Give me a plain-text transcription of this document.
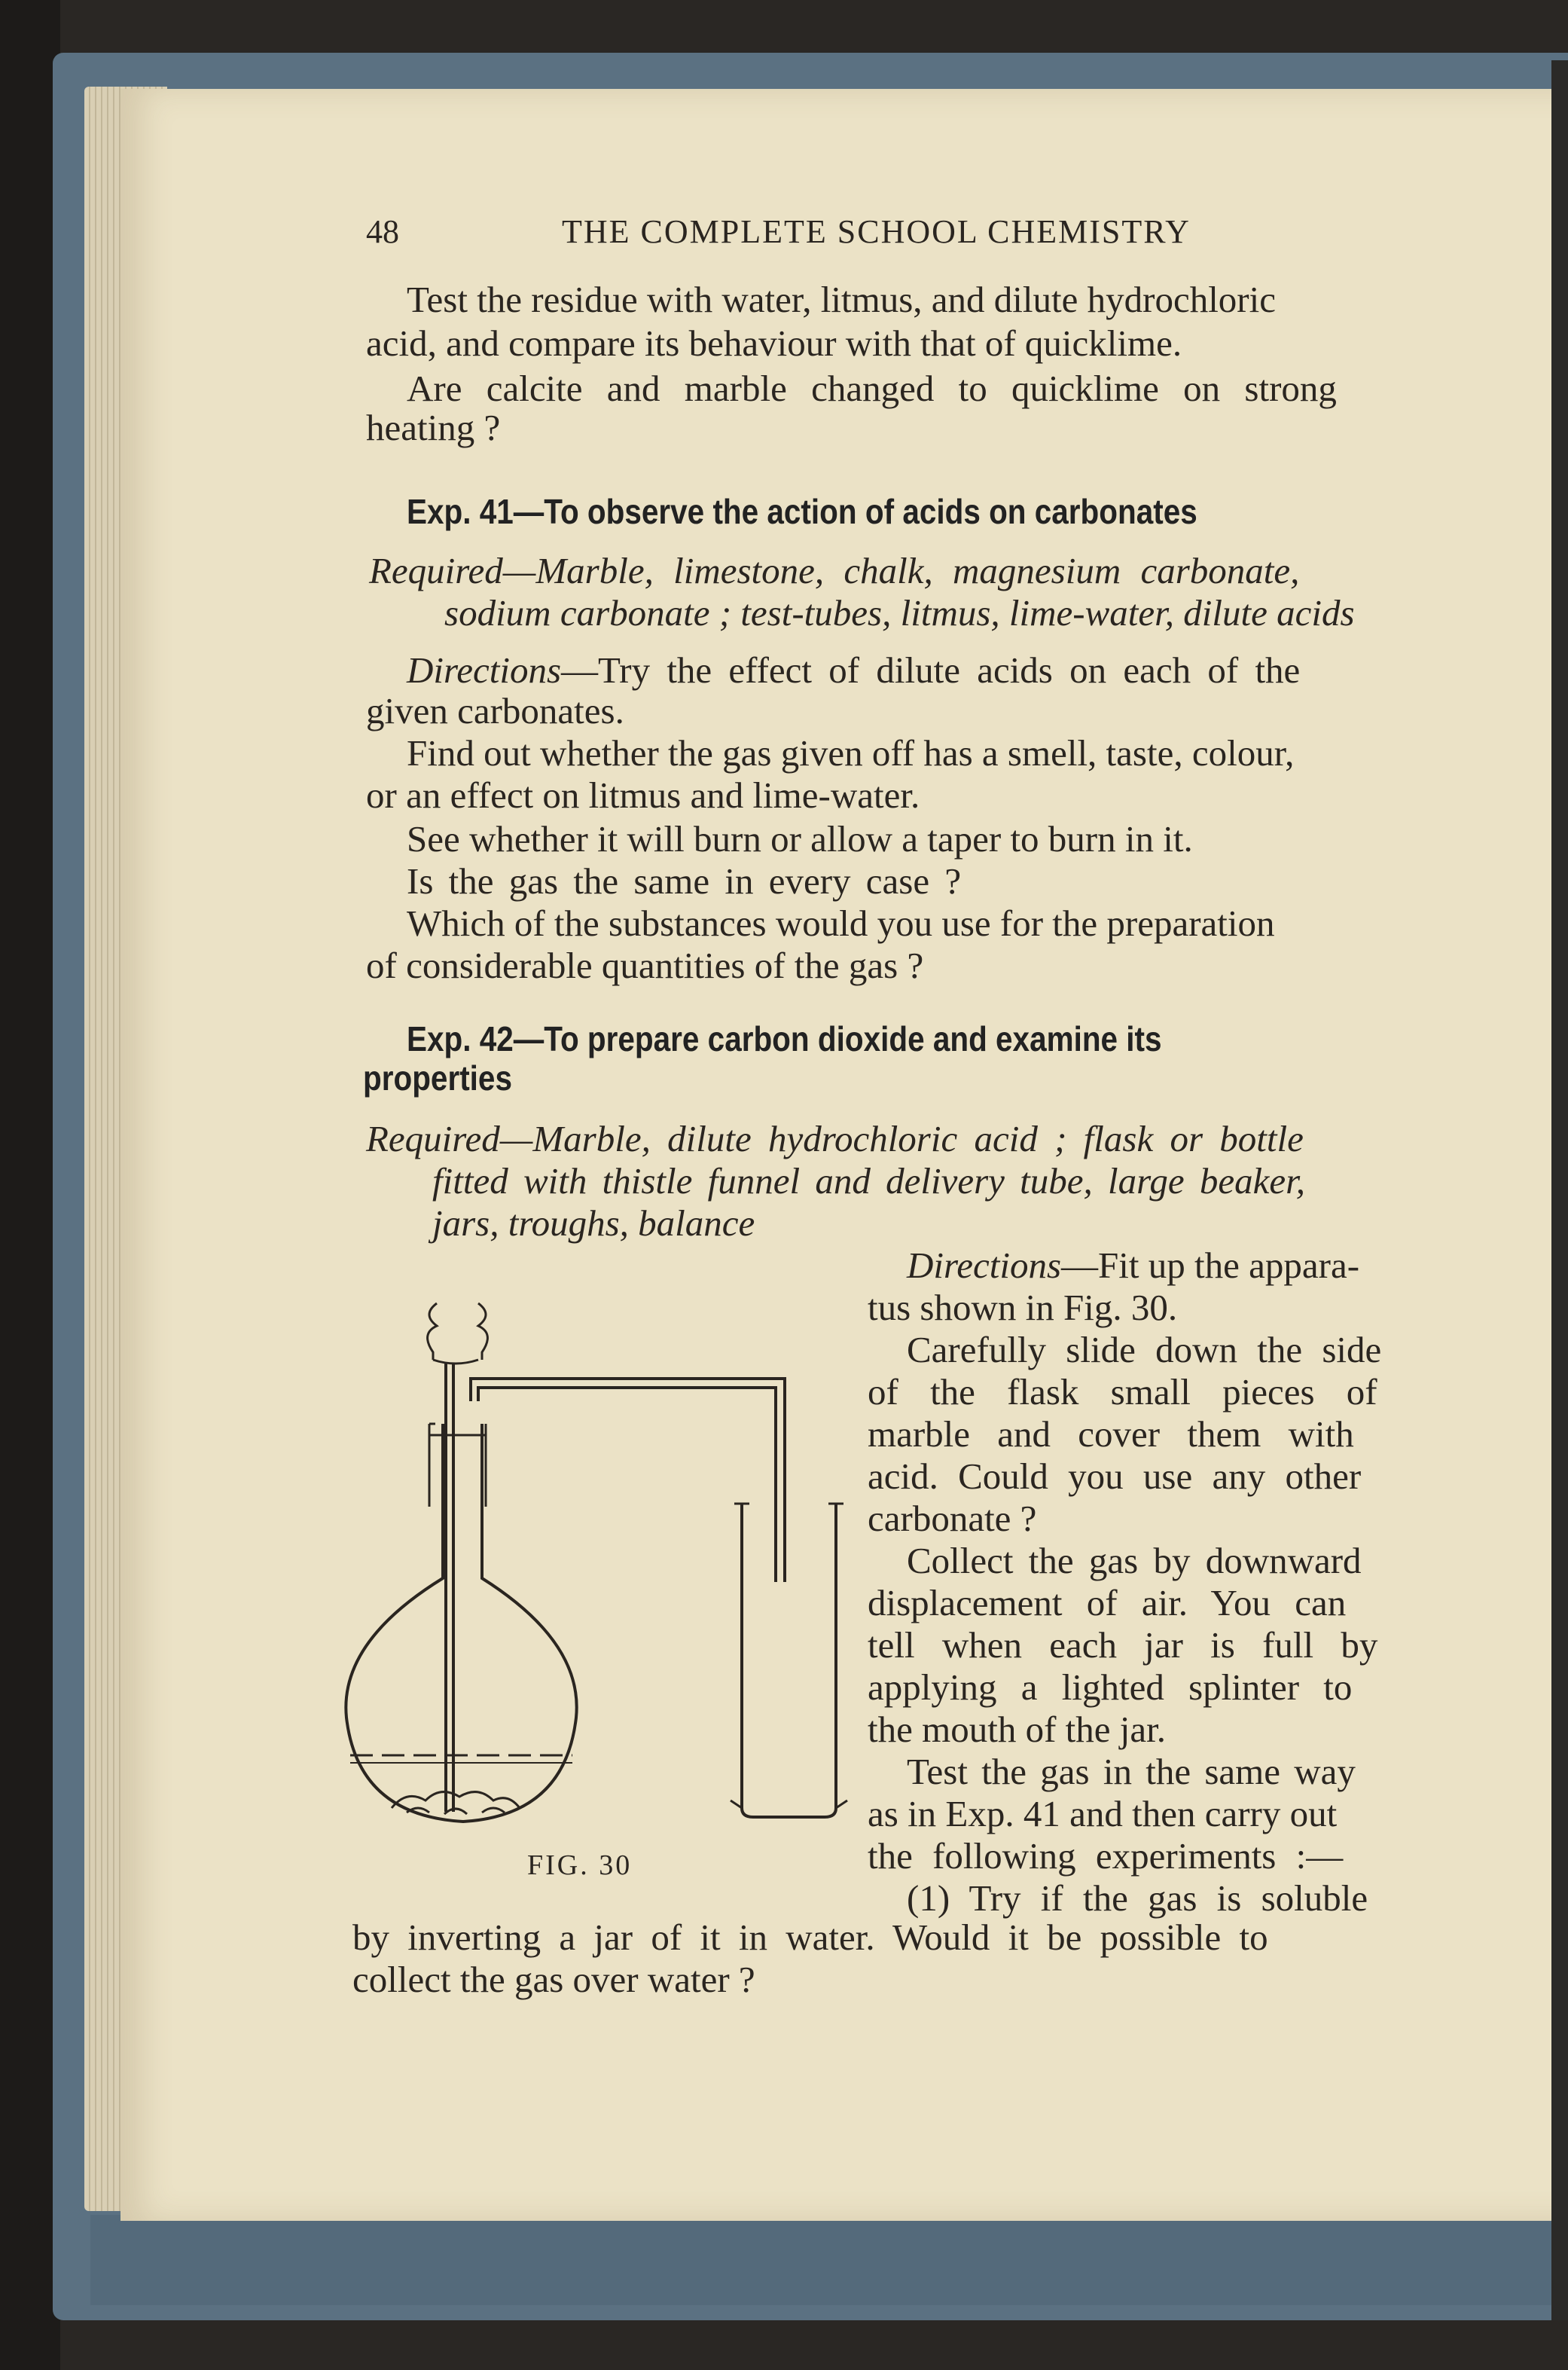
48	THE COMPLETE SCHOOL CHEMISTRY
Test the residue with water, litmus, and dilute hydrochloric
acid, and compare its behaviour with that of quicklime.
Are calcite and marble changed to quicklime on strong
heating ?
Exp. 41—To observe the action of acids on carbonates
Required—Marble, limestone, chalk, magnesium carbonate,
sodium carbonate ; test-tubes, litmus, lime-water, dilute acids
Directions—Try the effect of dilute acids on each of the
given carbonates.
Find out whether the gas given off has a smell, taste, colour,
or an effect on litmus and lime-water.
See whether it will burn or allow a taper to burn in it.
Is the gas the same in every case ?
Which of the substances would you use for the preparation
of considerable quantities of the gas ?
Exp. 42—To prepare carbon dioxide and examine its
properties
Required—Marble, dilute hydrochloric acid ; flask or bottle
fitted with thistle funnel and delivery tube, large beaker,
jars, troughs, balance
Directions—Fit up the appara-
tus shown in Fig. 30.
Carefully slide down the side
of the flask small pieces of
marble and cover them with
acid. Could you use any other
carbonate ?
Collect the gas by downward
displacement of air. You can
tell when each jar is full by
applying a lighted splinter to
the mouth of the jar.
Test the gas in the same way
as in Exp. 41 and then carry out
the following experiments :—
(1) Try if the gas is soluble
by inverting a jar of it in water. Would it be possible to
collect the gas over water ?
FIG. 30
